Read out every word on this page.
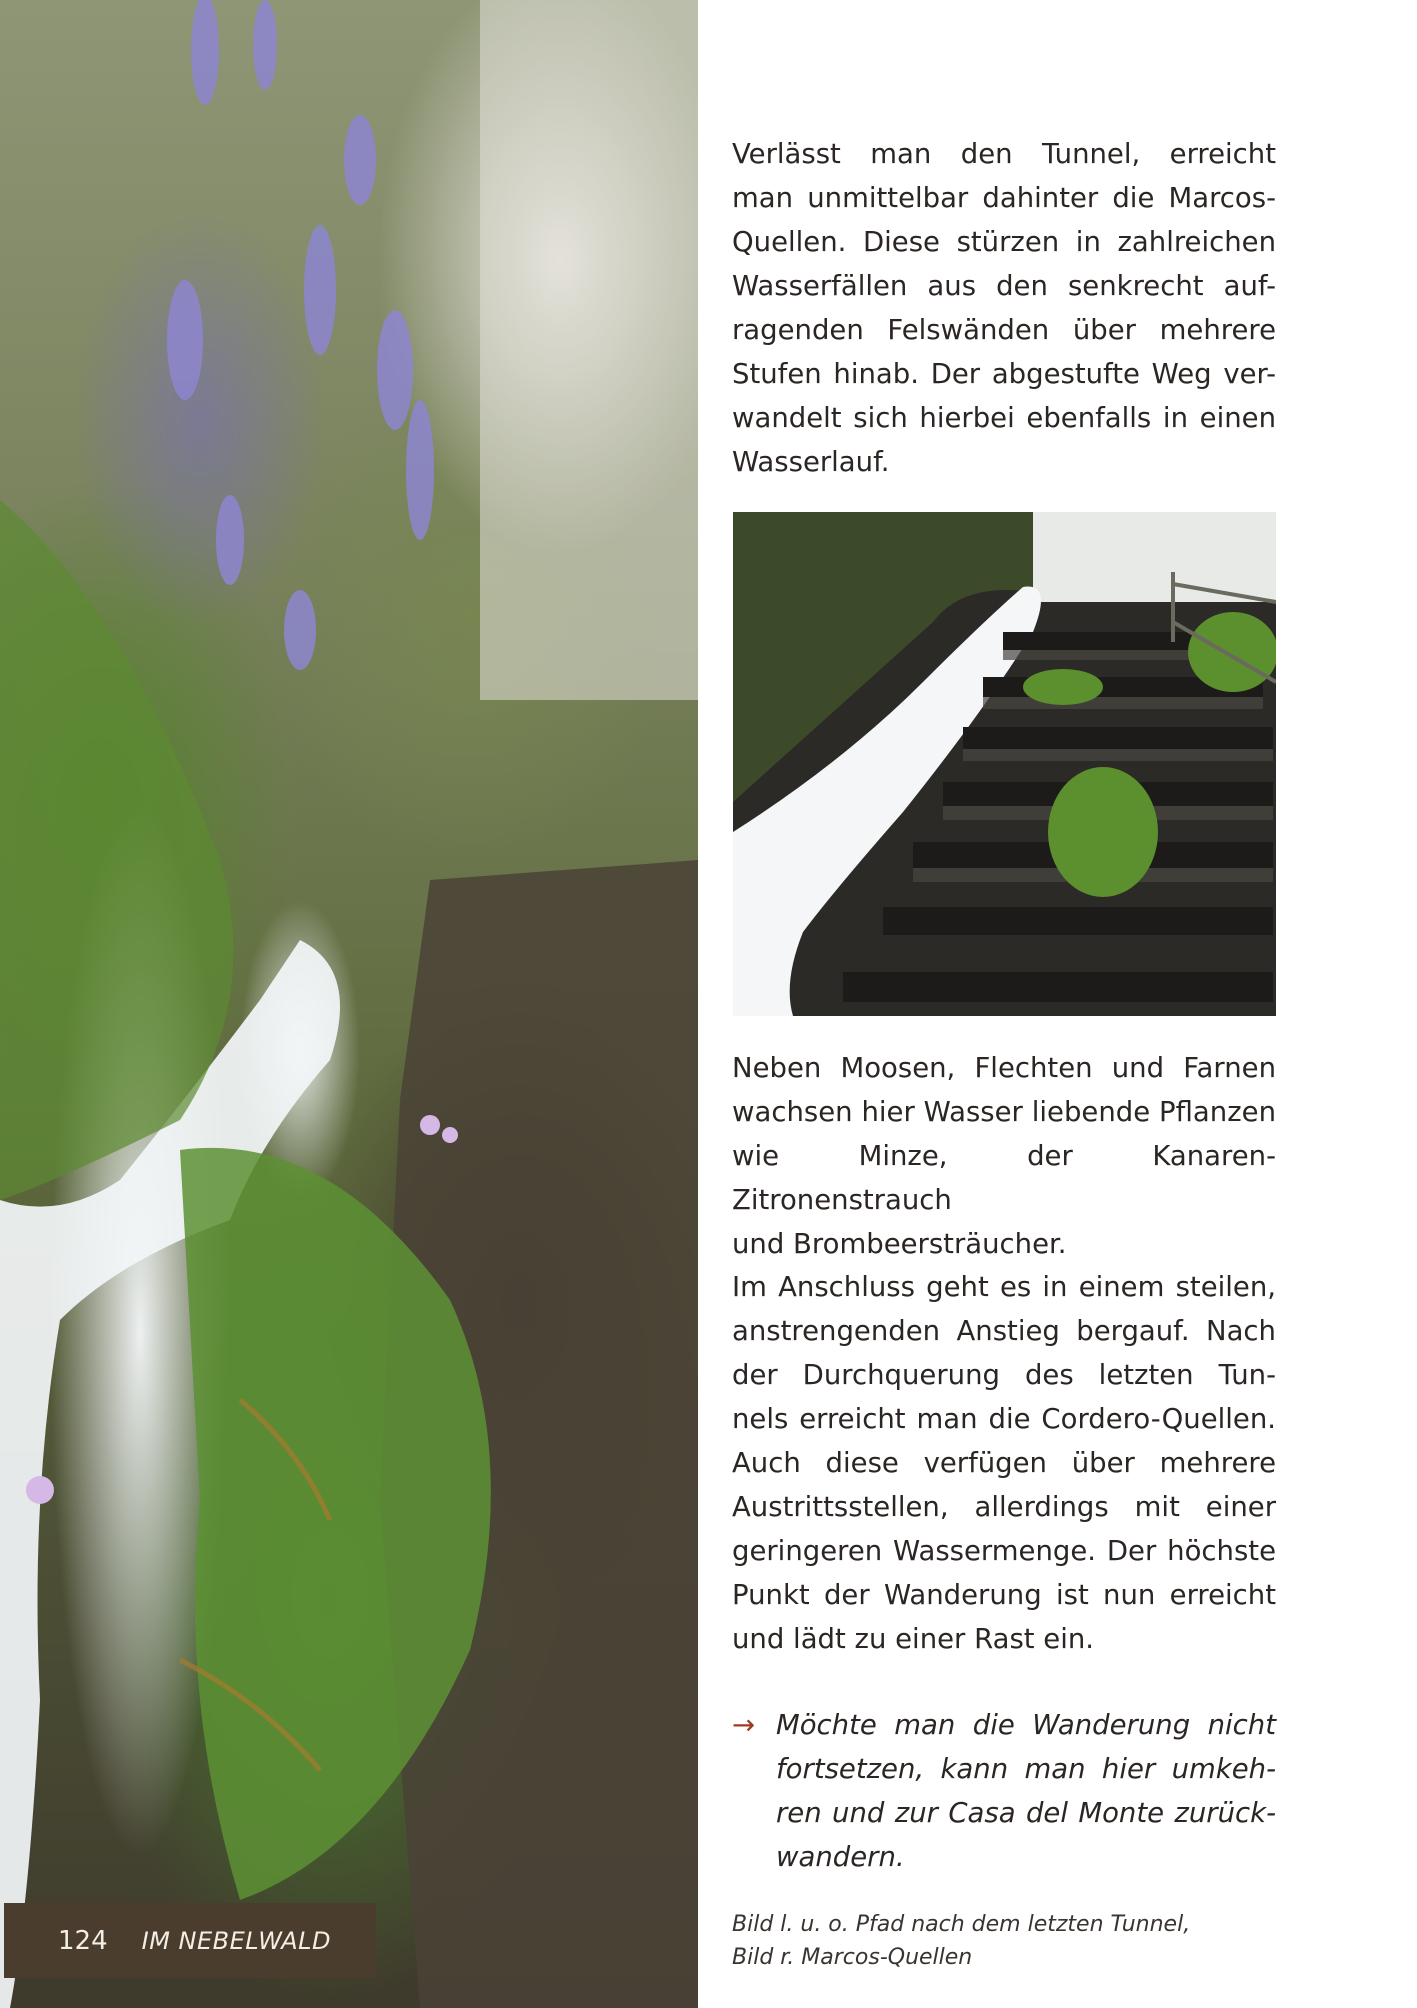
124 IM NEBELWALD
Verlässt man den Tunnel, erreicht
man unmittelbar dahinter die Marcos-
Quellen. Diese stürzen in zahlreichen
Wasserfällen aus den senkrecht auf-
ragenden Felswänden über mehrere
Stufen hinab. Der abgestufte Weg ver-
wandelt sich hierbei ebenfalls in einen
Wasserlauf.
Neben Moosen, Flechten und Farnen
wachsen hier Wasser liebende Pflanzen
wie Minze, der Kanaren-Zitronenstrauch
und Brombeersträucher.
Im Anschluss geht es in einem steilen,
anstrengenden Anstieg bergauf. Nach
der Durchquerung des letzten Tun-
nels erreicht man die Cordero-Quellen.
Auch diese verfügen über mehrere
Austrittsstellen, allerdings mit einer
geringeren Wassermenge. Der höchste
Punkt der Wanderung ist nun erreicht
und lädt zu einer Rast ein.
→ Möchte man die Wanderung nicht
fortsetzen, kann man hier umkeh-
ren und zur Casa del Monte zurück-
wandern.
Bild l. u. o. Pfad nach dem letzten Tunnel,
Bild r. Marcos-Quellen
